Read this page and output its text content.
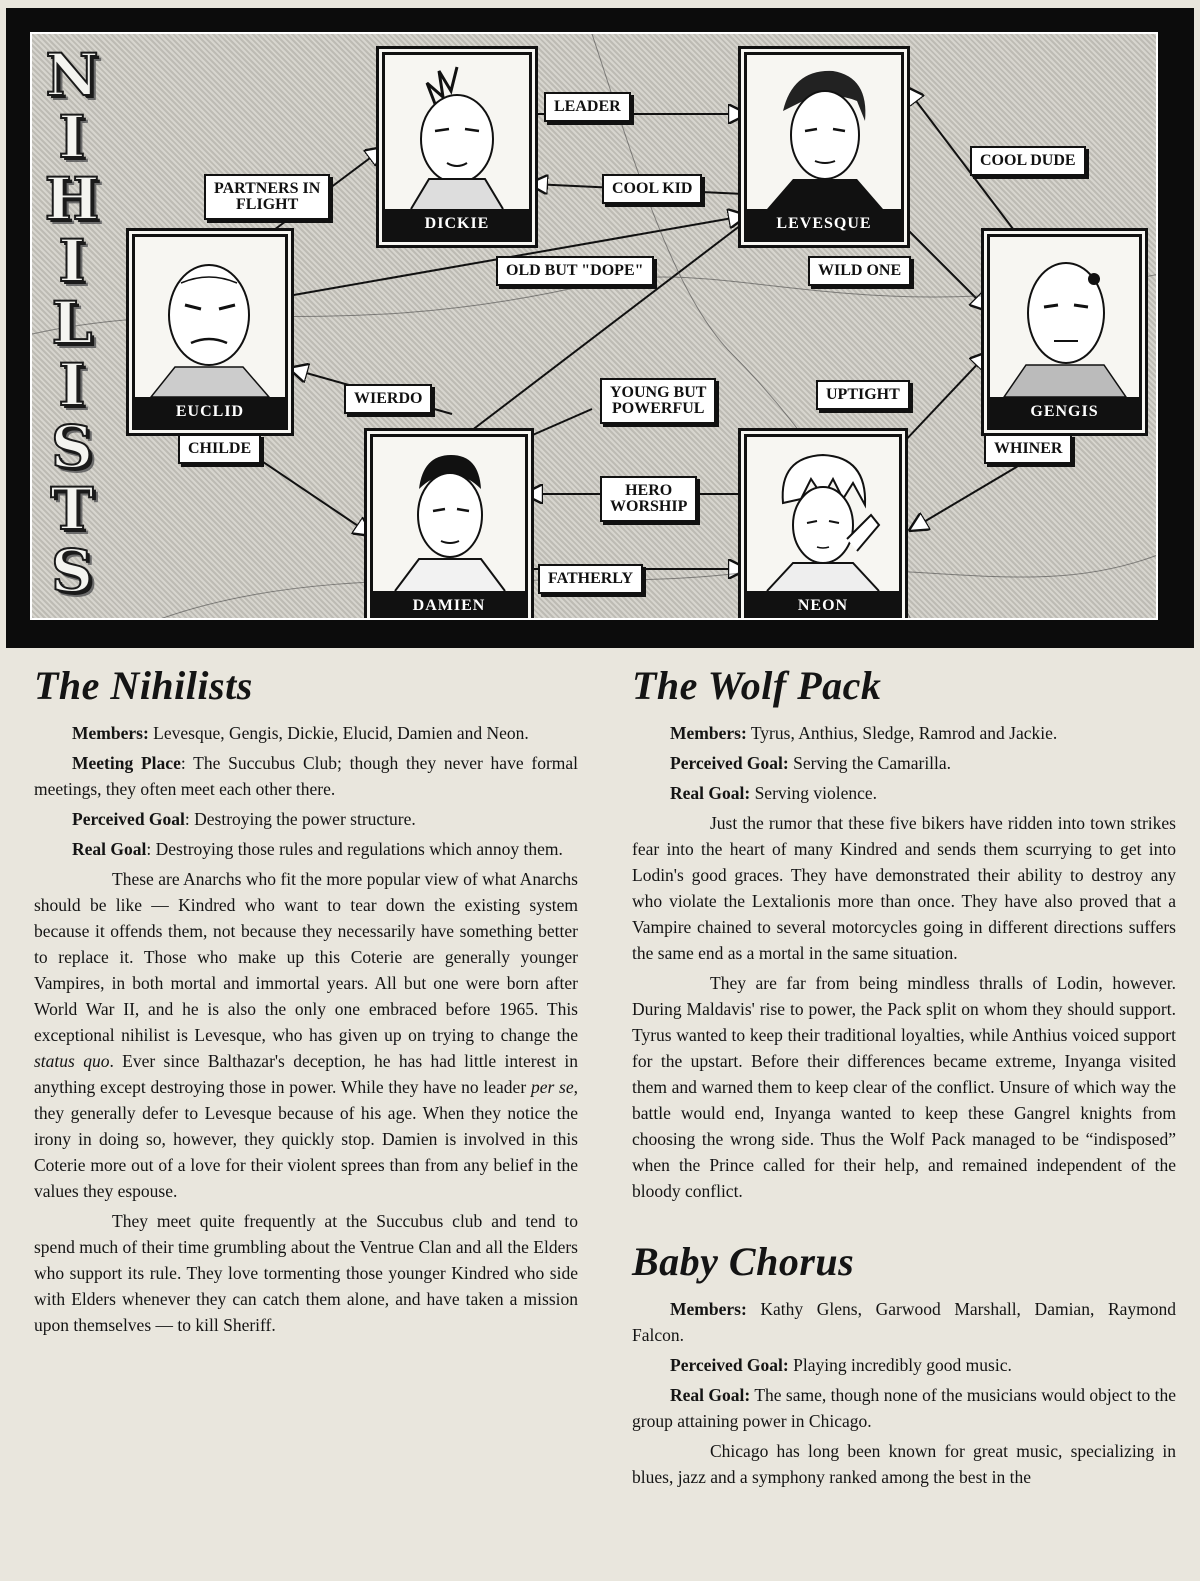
N
I
H
I
L
I
S
T
S
DICKIE	LEVESQUE
EUCLID	GENGIS
DAMIEN	NEON
LEADER
COOL KID
COOL DUDE
PARTNERS IN
FLIGHT
OLD BUT "DOPE"	WILD ONE
WIERDO	YOUNG BUT
POWERFUL
UPTIGHT
CHILDE	WHINER
HERO
WORSHIP
FATHERLY
The Nihilists

Members: Levesque, Gengis, Dickie, Elucid, Damien and Neon.

Meeting Place: The Succubus Club; though they never have formal meetings, they often meet each other there.

Perceived Goal: Destroying the power structure.

Real Goal: Destroying those rules and regulations which annoy them.

These are Anarchs who fit the more popular view of what Anarchs should be like — Kindred who want to tear down the existing system because it offends them, not because they necessarily have something better to replace it. Those who make up this Coterie are generally younger Vampires, in both mortal and immortal years. All but one were born after World War II, and he is also the only one embraced before 1965. This exceptional nihilist is Levesque, who has given up on trying to change the status quo. Ever since Balthazar's deception, he has had little interest in anything except destroying those in power. While they have no leader per se, they generally defer to Levesque because of his age. When they notice the irony in doing so, however, they quickly stop. Damien is involved in this Coterie more out of a love for their violent sprees than from any belief in the values they espouse.

They meet quite frequently at the Succubus club and tend to spend much of their time grumbling about the Ventrue Clan and all the Elders who support its rule. They love tormenting those younger Kindred who side with Elders whenever they can catch them alone, and have taken a mission upon themselves — to kill Sheriff.

The Wolf Pack

Members: Tyrus, Anthius, Sledge, Ramrod and Jackie.

Perceived Goal: Serving the Camarilla.

Real Goal: Serving violence.

Just the rumor that these five bikers have ridden into town strikes fear into the heart of many Kindred and sends them scurrying to get into Lodin's good graces. They have demonstrated their ability to destroy any who violate the Lextalionis more than once. They have also proved that a Vampire chained to several motorcycles going in different directions suffers the same end as a mortal in the same situation.

They are far from being mindless thralls of Lodin, however. During Maldavis' rise to power, the Pack split on whom they should support. Tyrus wanted to keep their traditional loyalties, while Anthius voiced support for the upstart. Before their differences became extreme, Inyanga visited them and warned them to keep clear of the conflict. Unsure of which way the battle would end, Inyanga wanted to keep these Gangrel knights from choosing the wrong side. Thus the Wolf Pack managed to be “indisposed” when the Prince called for their help, and remained independent of the bloody conflict.

Baby Chorus

Members: Kathy Glens, Garwood Marshall, Damian, Raymond Falcon.

Perceived Goal: Playing incredibly good music.

Real Goal: The same, though none of the musicians would object to the group attaining power in Chicago.

Chicago has long been known for great music, specializing in blues, jazz and a symphony ranked among the best in the
